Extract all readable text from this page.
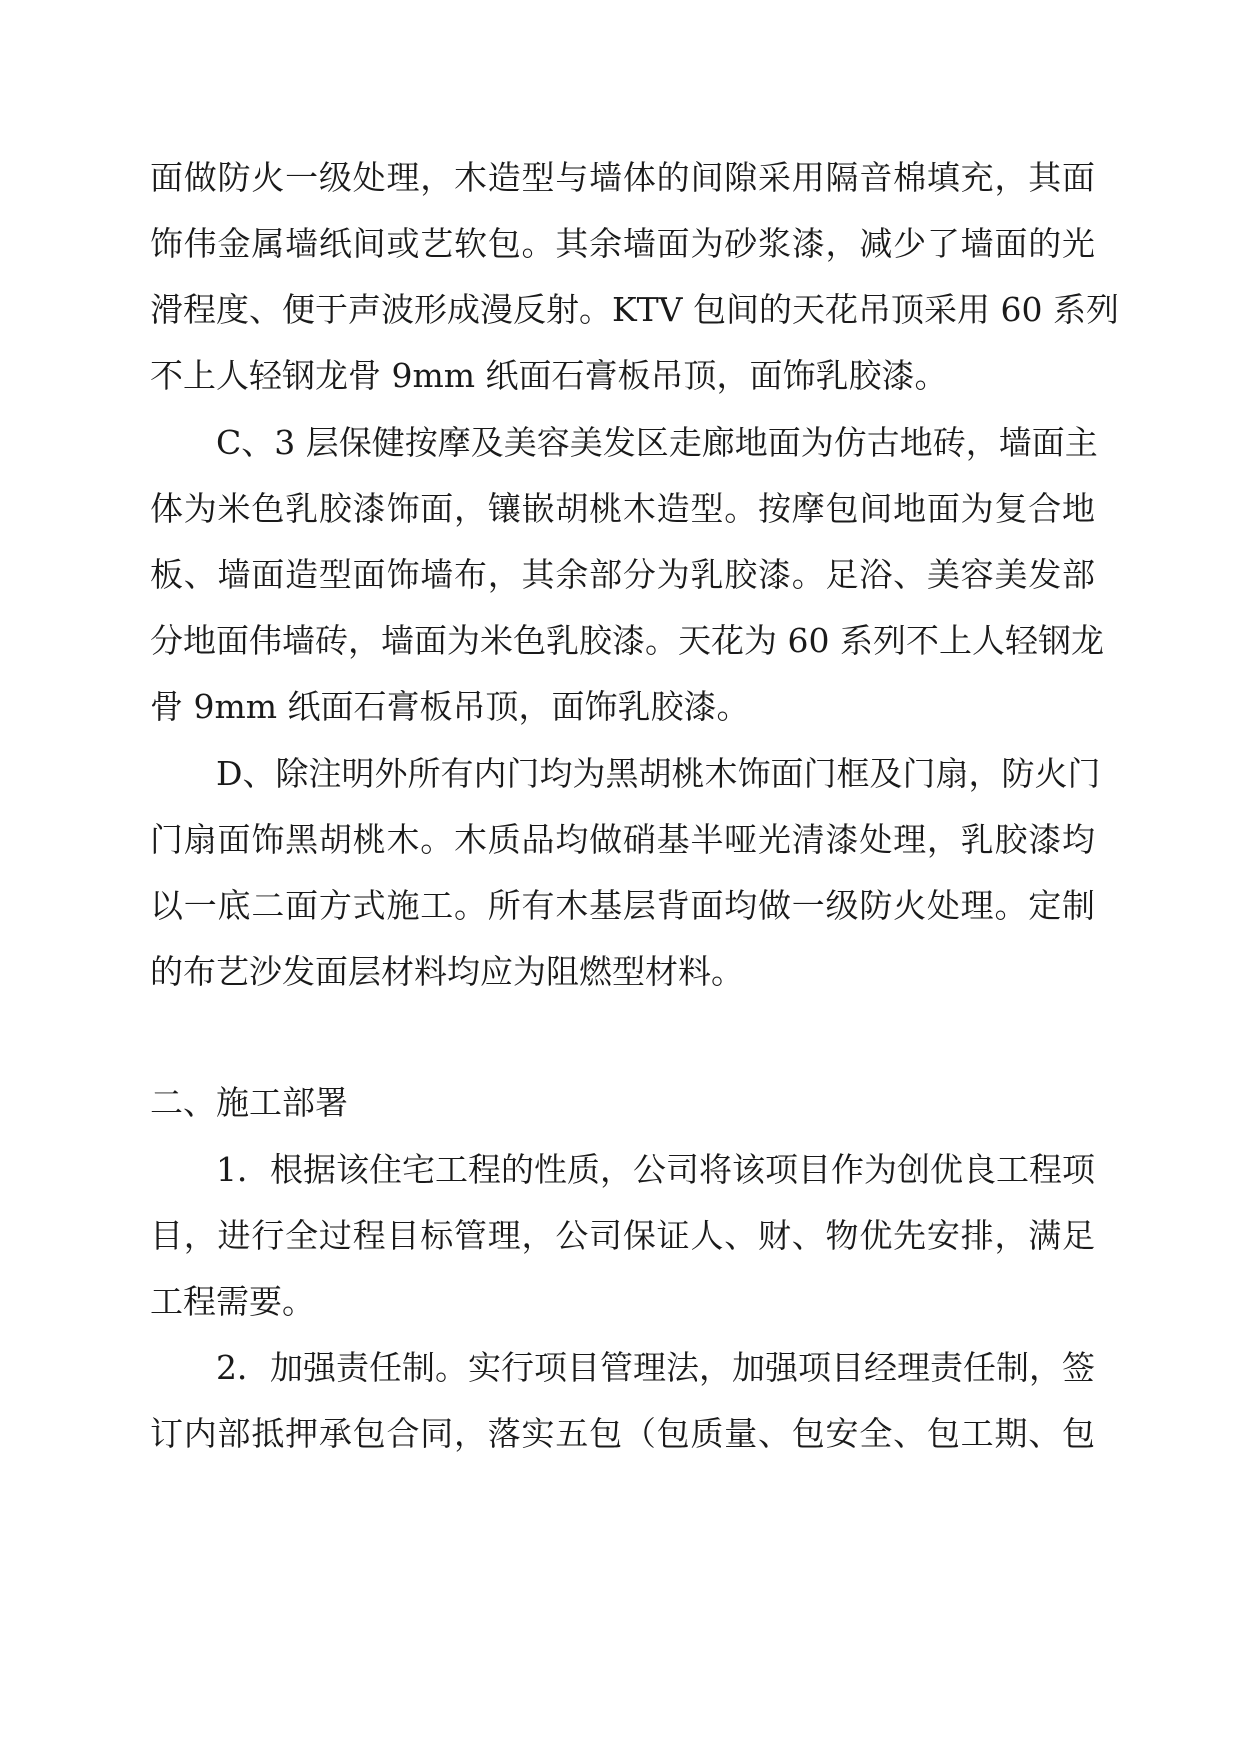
面做防火一级处理，木造型与墙体的间隙采用隔音棉填充，其面
饰伟金属墙纸间或艺软包。其余墙面为砂浆漆，减少了墙面的光
滑程度、便于声波形成漫反射。KTV 包间的天花吊顶采用 60 系列
不上人轻钢龙骨 9mm 纸面石膏板吊顶，面饰乳胶漆。
C、3 层保健按摩及美容美发区走廊地面为仿古地砖，墙面主
体为米色乳胶漆饰面，镶嵌胡桃木造型。按摩包间地面为复合地
板、墙面造型面饰墙布，其余部分为乳胶漆。足浴、美容美发部
分地面伟墙砖，墙面为米色乳胶漆。天花为 60 系列不上人轻钢龙
骨 9mm 纸面石膏板吊顶，面饰乳胶漆。
D、除注明外所有内门均为黑胡桃木饰面门框及门扇，防火门
门扇面饰黑胡桃木。木质品均做硝基半哑光清漆处理，乳胶漆均
以一底二面方式施工。所有木基层背面均做一级防火处理。定制
的布艺沙发面层材料均应为阻燃型材料。
二、施工部署
1．根据该住宅工程的性质，公司将该项目作为创优良工程项
目，进行全过程目标管理，公司保证人、财、物优先安排，满足
工程需要。
2．加强责任制。实行项目管理法，加强项目经理责任制，签
订内部抵押承包合同，落实五包（包质量、包安全、包工期、包
